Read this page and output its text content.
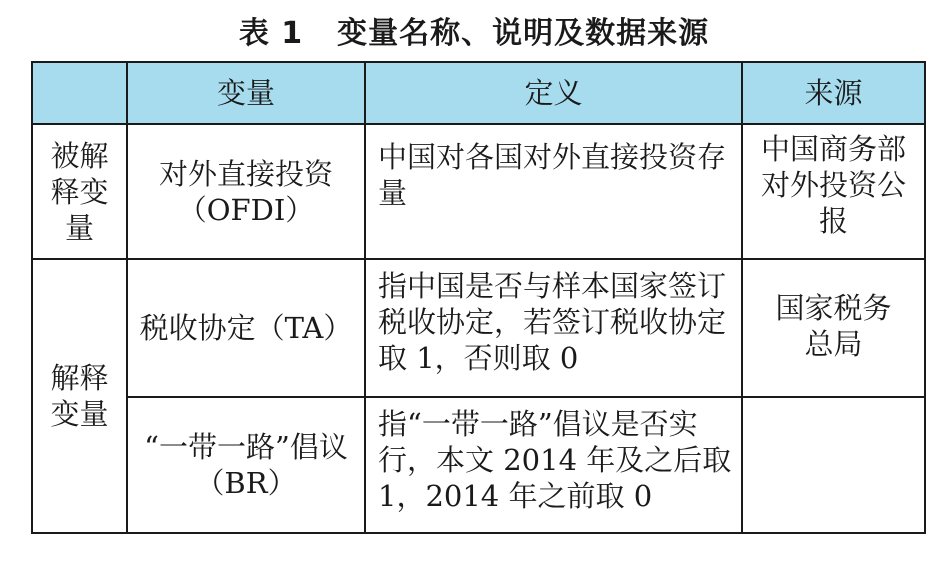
表 1 变量名称、说明及数据来源
	变量	定义	来源

被解释变量	对外直接投资（OFDI）	中国对各国对外直接投资存量	中国商务部对外投资公报

解释变量	税收协定（TA）	指中国是否与样本国家签订税收协定，若签订税收协定取 1，否则取 0	国家税务总局

	“一带一路”倡议（BR）	指“一带一路”倡议是否实行，本文 2014 年及之后取 1，2014 年之前取 0	
